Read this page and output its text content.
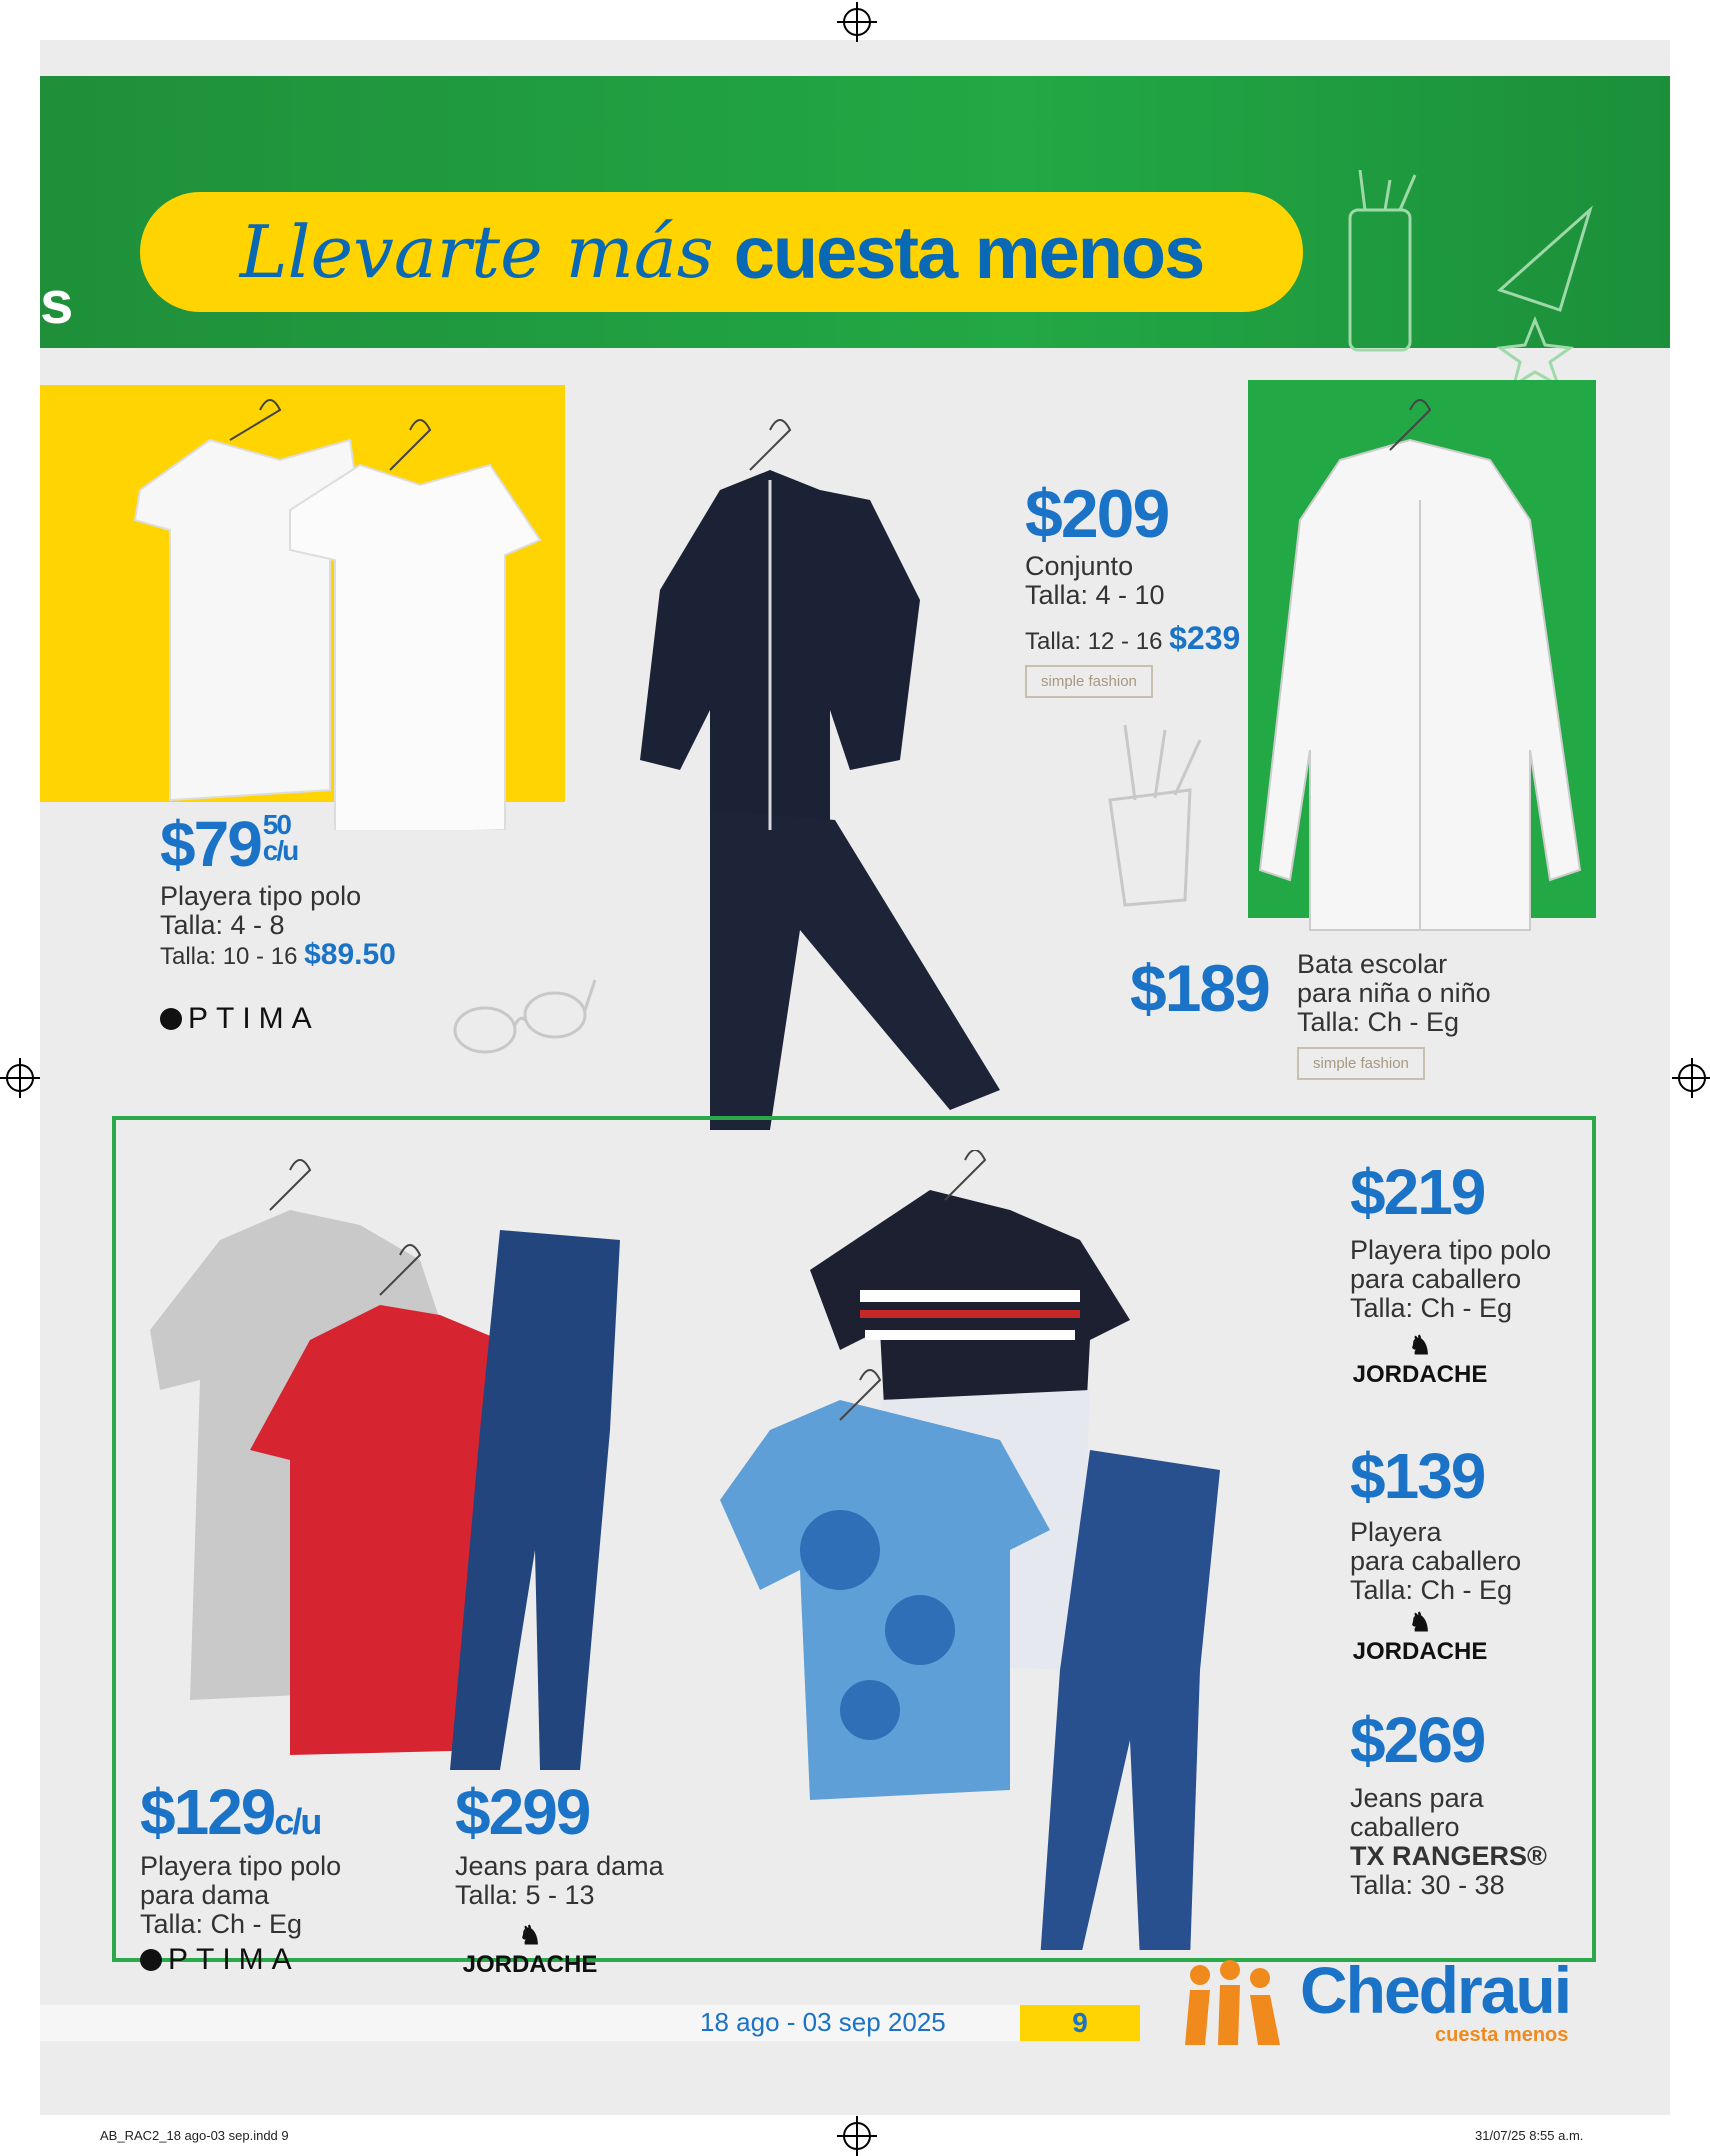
s
Llevarte más cuesta menos
$7950
c/u
Playera tipo polo
Talla: 4 - 8
Talla: 10 - 16 $89.50
PTIMA
$209
Conjunto
Talla: 4 - 10
Talla: 12 - 16 $239
simple fashion
$189 Bata escolar
para niña o niño
Talla: Ch - Eg
simple fashion
$129c/u
Playera tipo polo
para dama
Talla: Ch - Eg
PTIMA
$299
Jeans para dama
Talla: 5 - 13
♞
JORDACHE
$219
Playera tipo polo
para caballero
Talla: Ch - Eg
♞
JORDACHE
$139
Playera
para caballero
Talla: Ch - Eg
♞
JORDACHE
$269
Jeans para
caballero
TX RANGERS®
Talla: 30 - 38
18 ago - 03 sep 2025	9	Chedraui
cuesta menos
AB_RAC2_18 ago-03 sep.indd 9	31/07/25 8:55 a.m.
